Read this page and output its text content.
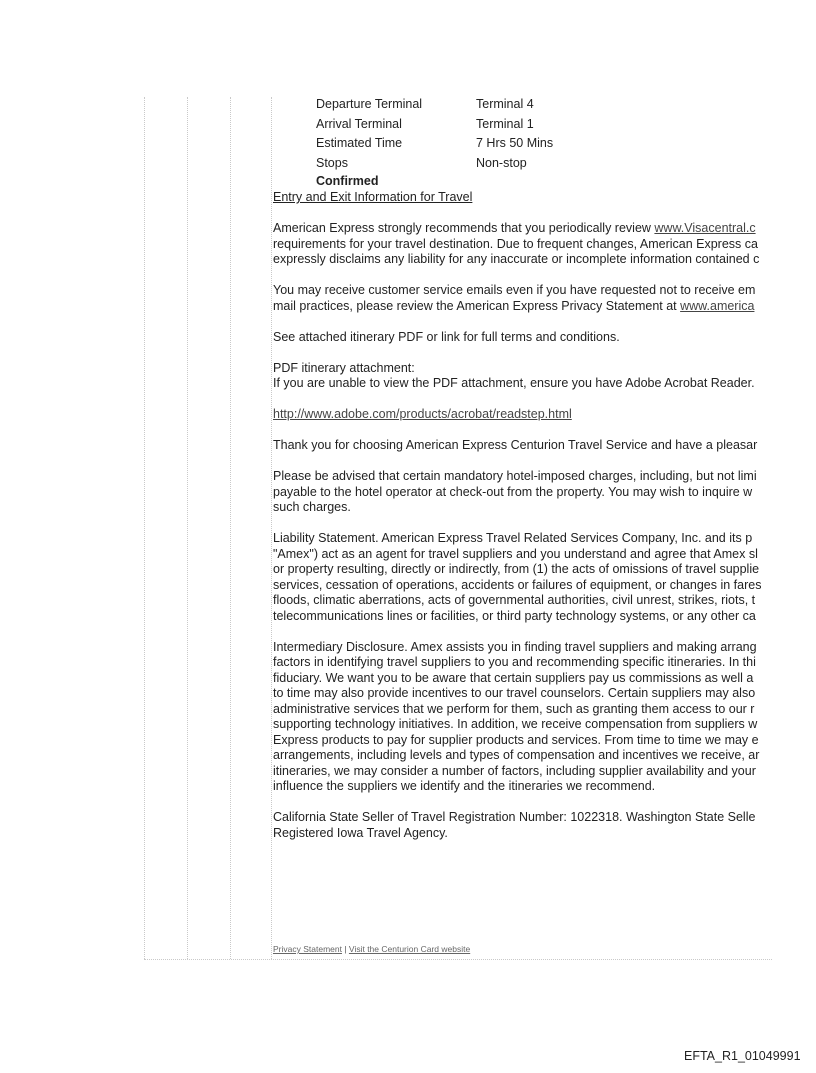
Departure Terminal	Terminal 4
Arrival Terminal	Terminal 1
Estimated Time	7 Hrs 50 Mins
Stops	Non-stop
Confirmed
Entry and Exit Information for Travel
American Express strongly recommends that you periodically review www.Visacentral.c
requirements for your travel destination. Due to frequent changes, American Express ca
expressly disclaims any liability for any inaccurate or incomplete information contained c
You may receive customer service emails even if you have requested not to receive em
mail practices, please review the American Express Privacy Statement at www.america
See attached itinerary PDF or link for full terms and conditions.
PDF itinerary attachment:
If you are unable to view the PDF attachment, ensure you have Adobe Acrobat Reader.
http://www.adobe.com/products/acrobat/readstep.html
Thank you for choosing American Express Centurion Travel Service and have a pleasar
Please be advised that certain mandatory hotel-imposed charges, including, but not limi
payable to the hotel operator at check-out from the property. You may wish to inquire w
such charges.
Liability Statement. American Express Travel Related Services Company, Inc. and its p
"Amex") act as an agent for travel suppliers and you understand and agree that Amex sl
or property resulting, directly or indirectly, from (1) the acts of omissions of travel supplie
services, cessation of operations, accidents or failures of equipment, or changes in fares
floods, climatic aberrations, acts of governmental authorities, civil unrest, strikes, riots, t
telecommunications lines or facilities, or third party technology systems, or any other ca
Intermediary Disclosure. Amex assists you in finding travel suppliers and making arrang
factors in identifying travel suppliers to you and recommending specific itineraries. In thi
fiduciary. We want you to be aware that certain suppliers pay us commissions as well a
to time may also provide incentives to our travel counselors. Certain suppliers may also
administrative services that we perform for them, such as granting them access to our r
supporting technology initiatives. In addition, we receive compensation from suppliers w
Express products to pay for supplier products and services. From time to time we may e
arrangements, including levels and types of compensation and incentives we receive, ar
itineraries, we may consider a number of factors, including supplier availability and your
influence the suppliers we identify and the itineraries we recommend.
California State Seller of Travel Registration Number: 1022318. Washington State Selle
Registered Iowa Travel Agency.
Privacy Statement | Visit the Centurion Card website
EFTA_R1_01049991
